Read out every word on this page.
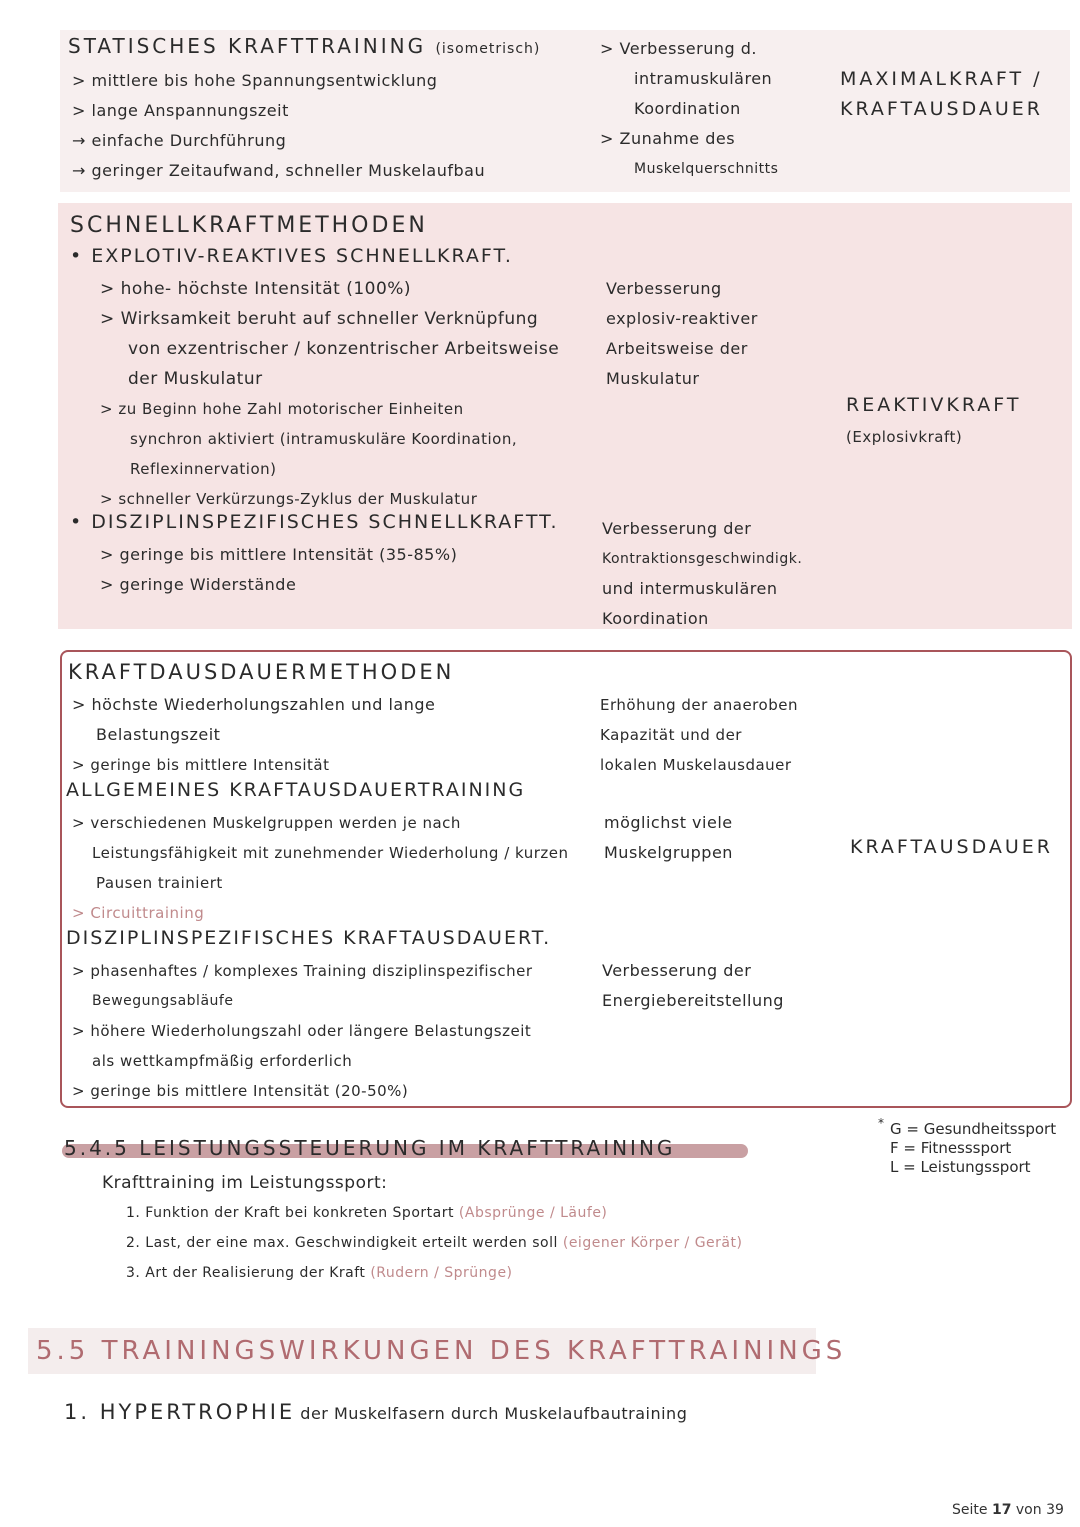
STATISCHES KRAFTTRAINING (isometrisch)
> mittlere bis hohe Spannungsentwicklung
> lange Anspannungszeit
→ einfache Durchführung
→ geringer Zeitaufwand, schneller Muskelaufbau
> Verbesserung d.
intramuskulären
Koordination
> Zunahme des
Muskelquerschnitts
MAXIMALKRAFT /
KRAFTAUSDAUER
SCHNELLKRAFTMETHODEN
• EXPLOTIV-REAKTIVES SCHNELLKRAFT.
> hohe- höchste Intensität (100%)
> Wirksamkeit beruht auf schneller Verknüpfung
von exzentrischer / konzentrischer Arbeitsweise
der Muskulatur
> zu Beginn hohe Zahl motorischer Einheiten
synchron aktiviert (intramuskuläre Koordination,
Reflexinnervation)
> schneller Verkürzungs-Zyklus der Muskulatur
Verbesserung
explosiv-reaktiver
Arbeitsweise der
Muskulatur
REAKTIVKRAFT
(Explosivkraft)
• DISZIPLINSPEZIFISCHES SCHNELLKRAFTT.
> geringe bis mittlere Intensität (35-85%)
> geringe Widerstände
Verbesserung der
Kontraktionsgeschwindigk.
und intermuskulären
Koordination
KRAFTDAUSDAUERMETHODEN
> höchste Wiederholungszahlen und lange
Belastungszeit
> geringe bis mittlere Intensität
Erhöhung der anaeroben
Kapazität und der
lokalen Muskelausdauer
ALLGEMEINES KRAFTAUSDAUERTRAINING
> verschiedenen Muskelgruppen werden je nach
Leistungsfähigkeit mit zunehmender Wiederholung / kurzen
Pausen trainiert
> Circuittraining
möglichst viele
Muskelgruppen	KRAFTAUSDAUER
DISZIPLINSPEZIFISCHES KRAFTAUSDAUERT.
> phasenhaftes / komplexes Training disziplinspezifischer
Bewegungsabläufe
> höhere Wiederholungszahl oder längere Belastungszeit
als wettkampfmäßig erforderlich
> geringe bis mittlere Intensität (20-50%)
Verbesserung der
Energiebereitstellung
* G = Gesundheitssport
F = Fitnesssport
L = Leistungssport
5.4.5 LEISTUNGSSTEUERUNG IM KRAFTTRAINING
Krafttraining im Leistungssport:
1. Funktion der Kraft bei konkreten Sportart (Absprünge / Läufe)
2. Last, der eine max. Geschwindigkeit erteilt werden soll (eigener Körper / Gerät)
3. Art der Realisierung der Kraft (Rudern / Sprünge)
5.5 TRAININGSWIRKUNGEN DES KRAFTTRAININGS
1. HYPERTROPHIE der Muskelfasern durch Muskelaufbautraining
Seite 17 von 39
